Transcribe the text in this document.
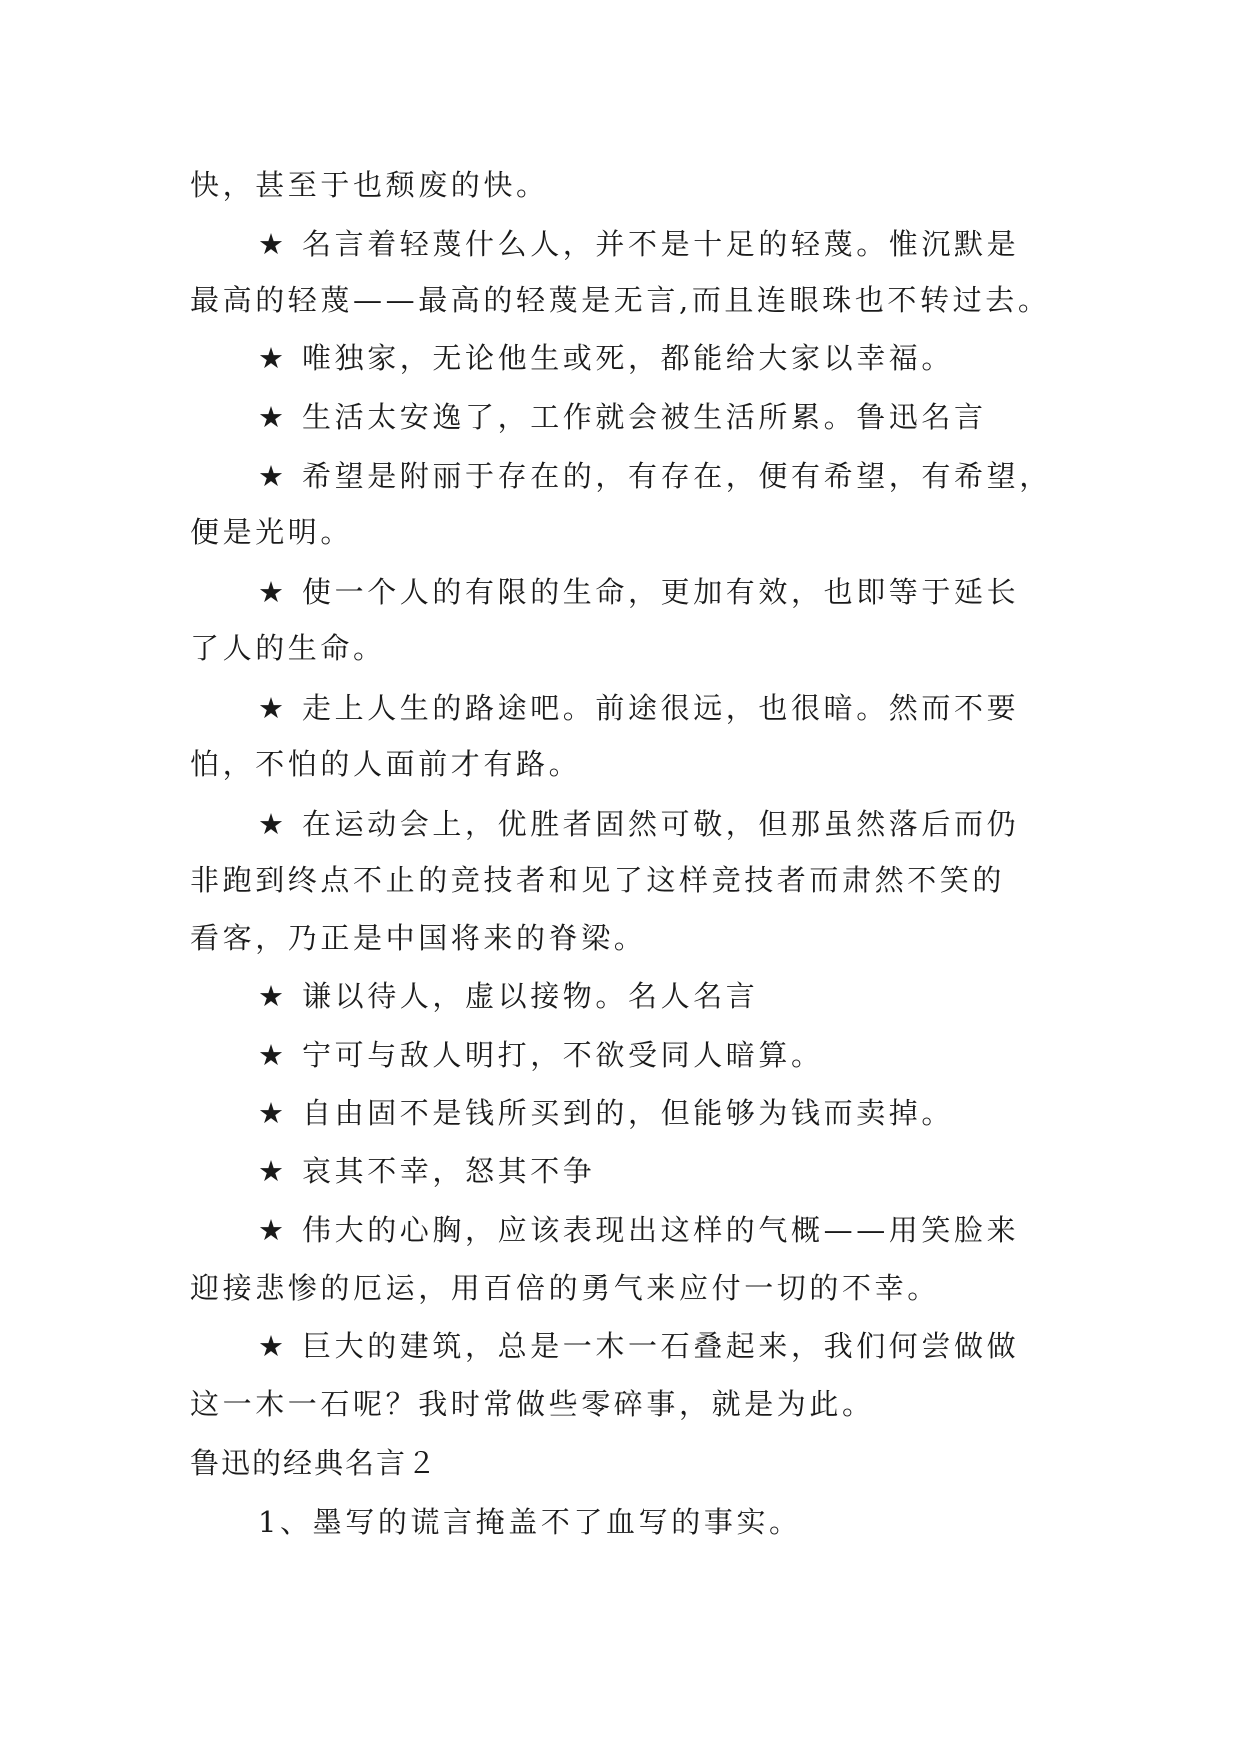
快，甚至于也颓废的快。
★ 名言着轻蔑什么人，并不是十足的轻蔑。惟沉默是
最高的轻蔑——最高的轻蔑是无言,而且连眼珠也不转过去。
★ 唯独家，无论他生或死，都能给大家以幸福。
★ 生活太安逸了，工作就会被生活所累。鲁迅名言
★ 希望是附丽于存在的，有存在，便有希望，有希望，
便是光明。
★ 使一个人的有限的生命，更加有效，也即等于延长
了人的生命。
★ 走上人生的路途吧。前途很远，也很暗。然而不要
怕，不怕的人面前才有路。
★ 在运动会上，优胜者固然可敬，但那虽然落后而仍
非跑到终点不止的竞技者和见了这样竞技者而肃然不笑的
看客，乃正是中国将来的脊梁。
★ 谦以待人，虚以接物。名人名言
★ 宁可与敌人明打，不欲受同人暗算。
★ 自由固不是钱所买到的，但能够为钱而卖掉。
★ 哀其不幸，怒其不争
★ 伟大的心胸，应该表现出这样的气概——用笑脸来
迎接悲惨的厄运，用百倍的勇气来应付一切的不幸。
★ 巨大的建筑，总是一木一石叠起来，我们何尝做做
这一木一石呢？我时常做些零碎事，就是为此。
鲁迅的经典名言２
1、墨写的谎言掩盖不了血写的事实。
